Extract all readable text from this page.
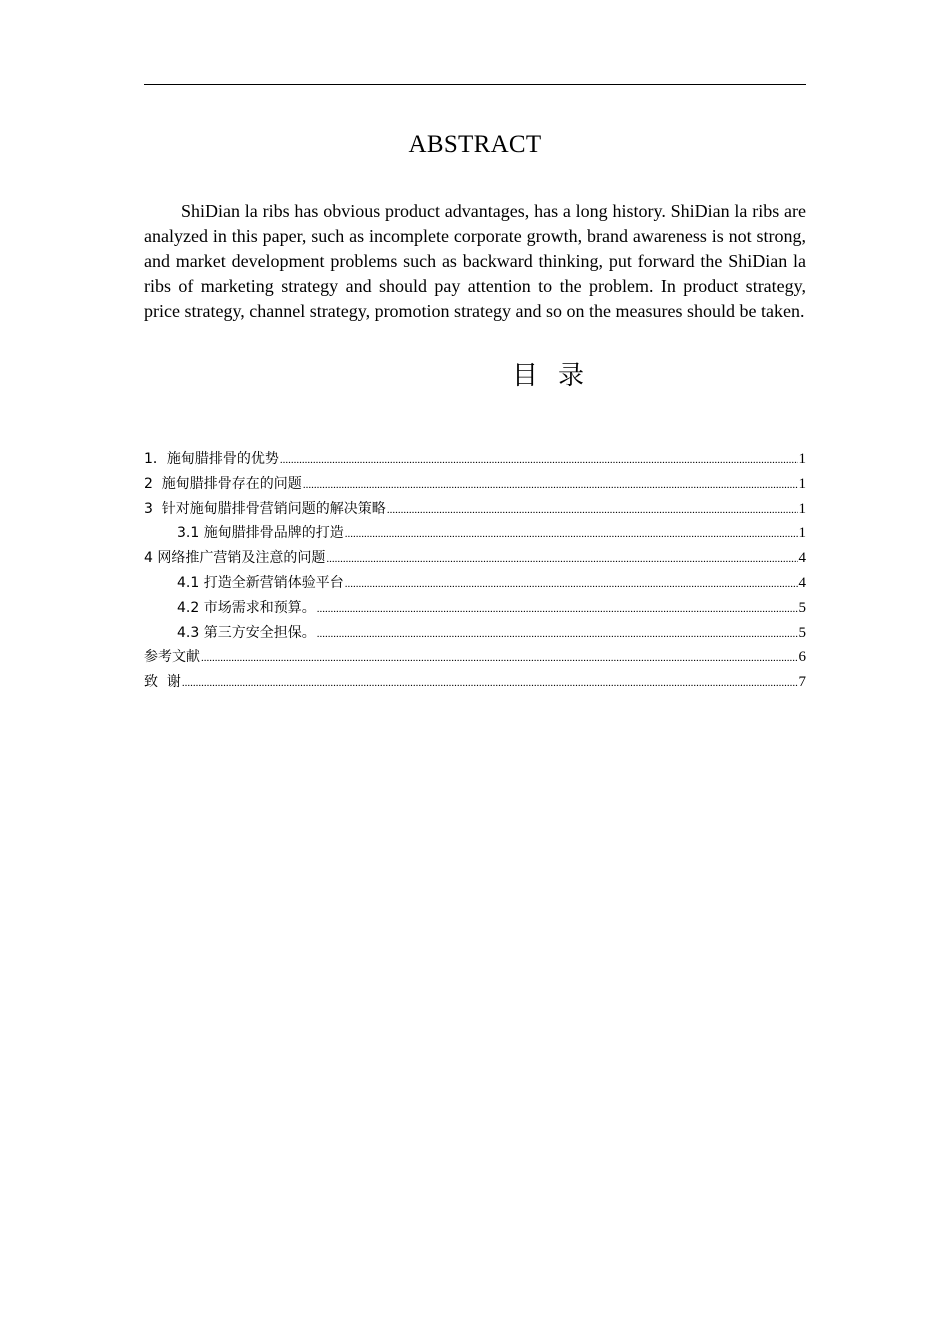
ABSTRACT

ShiDian la ribs has obvious product advantages, has a long history. ShiDian la ribs are analyzed in this paper, such as incomplete corporate growth, brand awareness is not strong, and market development problems such as backward thinking, put forward the ShiDian la ribs of marketing strategy and should pay attention to the problem. In product strategy, price strategy, channel strategy, promotion strategy and so on the measures should be taken.

目录
1．施甸腊排骨的优势 .....	1
2  施甸腊排骨存在的问题 .....	1
3  针对施甸腊排骨营销问题的解决策略 .....	1
3.1 施甸腊排骨品牌的打造 .....	1
4 网络推广营销及注意的问题 .....	4
4.1 打造全新营销体验平台 .....	4
4.2 市场需求和预算。 .....	5
4.3 第三方安全担保。 .....	5
参考文献 .....	6
致  谢 .....	7
